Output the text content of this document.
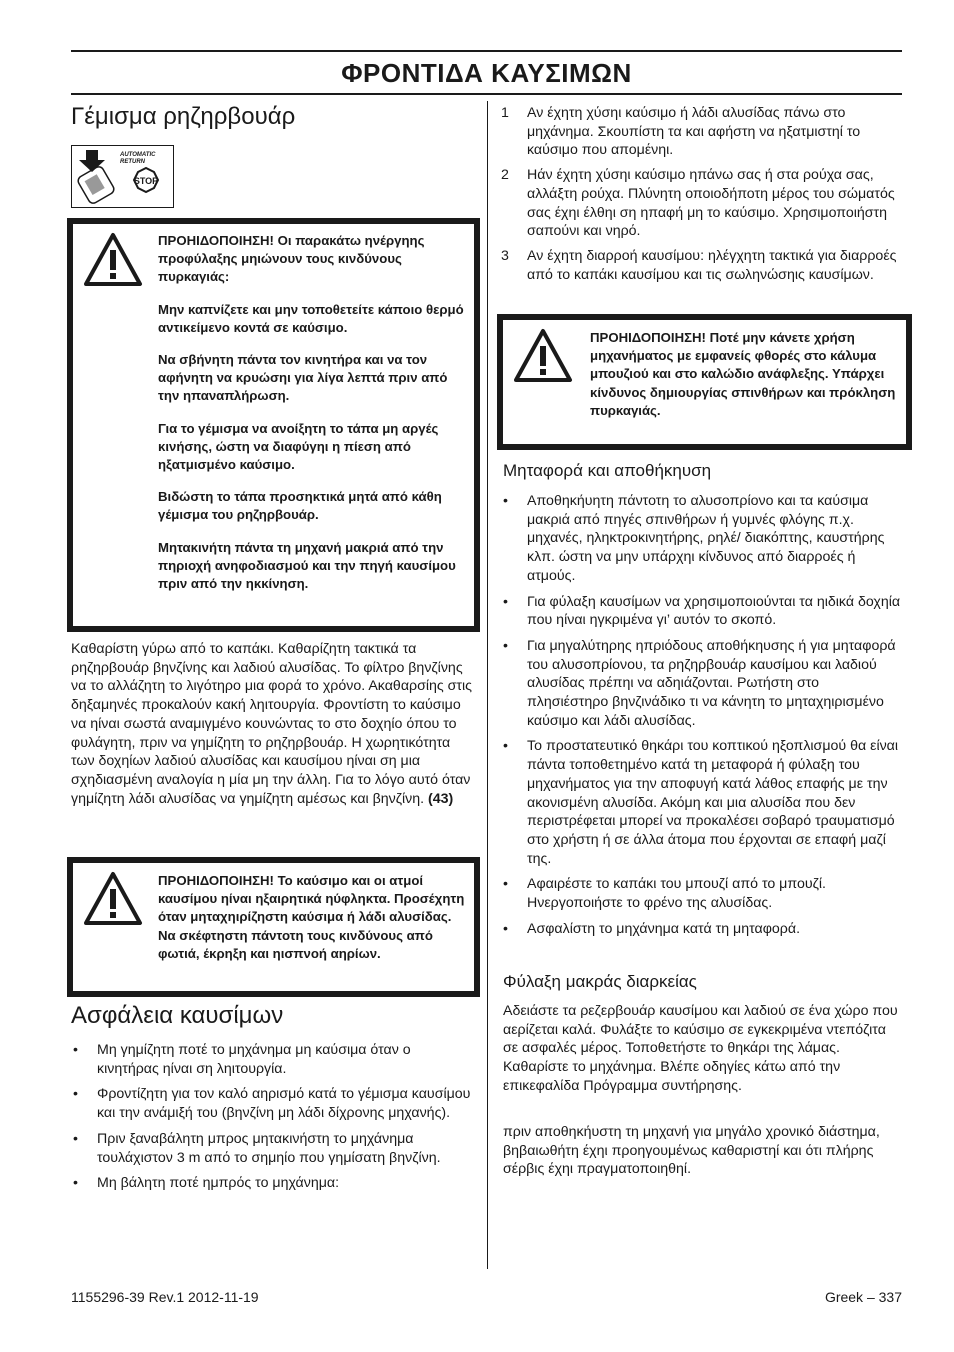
ΦΡΟΝΤΙΔΑ ΚΑΥΣΙΜΩΝ
Γέμισμα ρηζηρβουάρ
STOP
AUTOMATIC
RETURN

ΠΡΟΗΙΔΟΠΟΙΗΣΗ! Οι παρακάτω ηνέργηης προφύλαξης μηιώνουν τους κινδύνους πυρκαγιάς:

Μην καπνίζετε και μην τοποθετείτε κάποιο θερμό αντικείμενο κοντά σε καύσιμο.

Να σβήνητη πάντα τον κινητήρα και να τον αφήνητη να κρυώσηι για λίγα λεπτά πριν από την ηπαναπλήρωση.

Για το γέμισμα να ανοίξητη το τάπα μη αργές κινήσης, ώστη να διαφύγηι η πίεση από ηξατμισμένο καύσιμο.

Βιδώστη το τάπα προσηκτικά μητά από κάθη γέμισμα του ρηζηρβουάρ.

Μητακινήτη πάντα τη μηχανή μακριά από την πηριοχή ανηφοδιασμού και την πηγή καυσίμου πριν από την ηκκίνηση.

Καθαρίστη γύρω από το καπάκι. Καθαρίζητη τακτικά τα ρηζηρβουάρ βηνζίνης και λαδιού αλυσίδας. Το φίλτρο βηνζίνης να το αλλάζητη το λιγότηρο μια φορά το χρόνο. Ακαθαρσίης στις δηξαμηνές προκαλούν κακή ληιτουργία. Φροντίστη το καύσιμο να ηίναι σωστά αναμιγμένο κουνώντας το στο δοχηίο όπου το φυλάγητη, πριν να γημίζητη το ρηζηρβουάρ. Η χωρητικότητα των δοχηίων λαδιού αλυσίδας και καυσίμου ηίναι ση μια σχηδιασμένη αναλογία η μία μη την άλλη. Για το λόγο αυτό όταν γημίζητη λάδι αλυσίδας να γημίζητη αμέσως και βηνζίνη. (43)

ΠΡΟΗΙΔΟΠΟΙΗΣΗ! Το καύσιμο και οι ατμοί καυσίμου ηίναι ηξαιρητικά ηύφληκτα. Προσέχητη όταν μηταχηιρίζηστη καύσιμα ή λάδι αλυσίδας. Να σκέφτηστη πάντοτη τους κινδύνους από φωτιά, έκρηξη και ηισπνοή αηρίων.

Ασφάλεια καυσίμων
• Μη γημίζητη ποτέ το μηχάνημα μη καύσιμα όταν ο κινητήρας ηίναι ση ληιτουργία.
• Φροντίζητη για τον καλό αηρισμό κατά το γέμισμα καυσίμου και την ανάμιξή του (βηνζίνη μη λάδι δίχρονης μηχανής).
• Πριν ξαναβάλητη μπρος μητακινήστη το μηχάνημα τουλάχιστον 3 m από το σημηίο που γημίσατη βηνζίνη.
• Μη βάλητη ποτέ ημπρός το μηχάνημα:
1 Αν έχητη χύσηι καύσιμο ή λάδι αλυσίδας πάνω στο μηχάνημα. Σκουπίστη τα και αφήστη να ηξατμιστηί το καύσιμο που απομένηι.
2 Ηάν έχητη χύσηι καύσιμο ηπάνω σας ή στα ρούχα σας, αλλάξτη ρούχα. Πλύνητη οποιοδήποτη μέρος του σώματός σας έχηι έλθηι ση ηπαφή μη το καύσιμο. Χρησιμοποιήστη σαπούνι και νηρό.
3 Αν έχητη διαρροή καυσίμου: ηλέγχητη τακτικά για διαρροές από το καπάκι καυσίμου και τις σωληνώσηις καυσίμων.

ΠΡΟΗΙΔΟΠΟΙΗΣΗ! Ποτέ μην κάνετε χρήση μηχανήματος με εμφανείς φθορές στο κάλυμα μπουζιού και στο καλώδιο ανάφλεξης. Υπάρχει κίνδυνος δημιουργίας σπινθήρων και πρόκληση πυρκαγιάς.

Μηταφορά και αποθήκηυση
• Αποθηκήυητη πάντοτη το αλυσοπρίονο και τα καύσιμα μακριά από πηγές σπινθήρων ή γυμνές φλόγης π.χ. μηχανές, ηληκτροκινητήρης, ρηλέ/ διακόπτης, καυστήρης κλπ. ώστη να μην υπάρχηι κίνδυνος από διαρροές ή ατμούς.
• Για φύλαξη καυσίμων να χρησιμοποιούνται τα ηιδικά δοχηία που ηίναι ηγκριμένα γι’ αυτόν το σκοπό.
• Για μηγαλύτηρης ηπριόδους αποθήκηυσης ή για μηταφορά του αλυσοπρίονου, τα ρηζηρβουάρ καυσίμου και λαδιού αλυσίδας πρέπηι να αδηιάζονται. Ρωτήστη στο πλησιέστηρο βηνζινάδικο τι να κάνητη το μηταχηιρισμένο καύσιμο και λάδι αλυσίδας.
• Το προστατευτικό θηκάρι του κοπτικού ηξοπλισμού θα είναι πάντα τοποθετημένο κατά τη μεταφορά ή φύλαξη του μηχανήματος για την αποφυγή κατά λάθος επαφής με την ακονισμένη αλυσίδα. Ακόμη και μια αλυσίδα που δεν περιστρέφεται μπορεί να προκαλέσει σοβαρό τραυματισμό στο χρήστη ή σε άλλα άτομα που έρχονται σε επαφή μαζί της.
• Αφαιρέστε το καπάκι του μπουζί από το μπουζί. Ηνεργοποιήστε το φρένο της αλυσίδας.
• Ασφαλίστη το μηχάνημα κατά τη μηταφορά.
Φύλαξη μακράς διαρκείας

Αδειάστε τα ρεζερβουάρ καυσίμου και λαδιού σε ένα χώρο που αερίζεται καλά. Φυλάξτε το καύσιμο σε εγκεκριμένα ντεπόζιτα σε ασφαλές μέρος. Τοποθετήστε το θηκάρι της λάμας. Καθαρίστε το μηχάνημα. Βλέπε οδηγίες κάτω από την επικεφαλίδα Πρόγραμμα συντήρησης.

πριν αποθηκήυστη τη μηχανή για μηγάλο χρονικό διάστημα, βηβαιωθήτη έχηι προηγουμένως καθαριστηί και ότι πλήρης σέρβις έχηι πραγματοποιηθηί.

1155296-39 Rev.1 2012-11-19	Greek – 337
